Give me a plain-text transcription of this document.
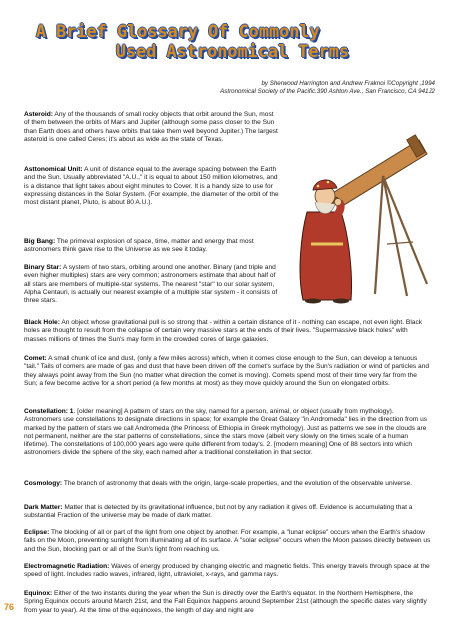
A Brief Glossary Of Commonly
Used Astronomical Terms
by Sherwood Harrington and Andrew Fraknoi ©Copyright ,1994
Astronomical Society of the Pacific.390 Ashton Ave., San Francisco, CA 941J2
Asteroid: Any of the thousands of small rocky objects that orbit around the Sun, most of them between the orbits of Mars and Jupiter (although some pass closer to the Sun than Earth does and others have orbits that take them well beyond Jupiter.) The largest asteroid is one called Ceres; it's about as wide as the state of Texas.
Asttonomical Unit: A unit of distance equal to the average spacing between the Earth and the Sun. Usually abbreviated "A.U.," it is equal to about 150 million kilometres, and is a distance that light takes about eight minutes to Cover. It is a handy size to use for expressing distances in the Solar System. (For example, the diameter of the orbit of the most distant planet, Pluto, is about 80 A.U.).
Big Bang: The primeval explosion of space, time, matter and energy that most astronomers think gave rise to the Universe as we see it today.
Binary Star: A system of two stars, orbiting around one another. Binary (and triple and even higher multiples) stars are very common; astronomers estimate that about half of all stars are members of multiple-star systems. The nearest "star" to our solar system, Alpha Centauri, is actually our nearest example of a multiple star system - it consists of three stars.
Black Hole: An object whose gravitational pull is so strong that - within a certain distance of it - nothing can escape, not even light. Black holes are thought to result from the collapse of certain very massive stars at the ends of their lives. "Supermassive black holes" with masses millions of times the Sun's may form in the crowded cores of large galaxies.
Comet: A small chunk of ice and dust, (only a few miles across) which, when it comes close enough to the Sun, can develop a tenuous "tail." Tails of comers are made of gas and dust that have been driven off the comet's surface by the Sun's radiation or wind of particles and they always point away from the Sun (no matter what direction the comet is moving). Comets spend most of their time very far from the Sun; a few become active for a short period (a few months at most) as they move quickly around the Sun on elongated orbits.
Constellation: 1. [older meaning] A pattern of stars on the sky, named for a person, animal, or object (usually from mythology). Astronomers use constellations to designate directions in space; for example the Great Galaxy "in Andromeda" lies in the direction from us marked by the pattern of stars we call Andromeda (the Princess of Ethiopia in Greek mythology). Just as patterns we see in the clouds are not permanent, neither are the star patterns of constellations, since the stars move (albeit very slowly on the times scale of a human lifetime). The constellations of 100,000 years ago were quite different from today's. 2. [modern meaning] One of 88 sectors into which astronomers divide the sphere of the sky, each named after a traditional constellation in that sector.
Cosmology: The branch of astronomy that deals with the origin, large-scale properties, and the evolution of the observable universe.
Dark Matter: Matter that is detected by its gravitational influence, but not by any radiation it gives off. Evidence is accumulating that a substantial Fraction of the universe may be made of dark matter.
Eclipse: The blocking of all or part of the light from one object by another. For example, a "lunar eclipse" occurs when the Earth's shadow falls on the Moon, preventing sunlight from illuminating all of its surface. A "solar eclipse" occurs when the Moon passes directly between us and the Sun, blocking part or all of the Sun's light from reaching us.
Electromagnetic Radiation: Waves of energy produced by changing electric and magnetic fields. This energy travels through space at the speed of light. Includes radio waves, infrared, light, ultraviolet, x-rays, and gamma rays.
Equinox: Either of the two instants during the year when the Sun is directly over the Earth's equator. In the Northern Hemisphere, the Spring Equinox occurs around March 21st, and the Fall Equinox happens around September 21st (although the specific dates vary slightly from year to year). At the time of the equinoxes, the length of day and night are
76
